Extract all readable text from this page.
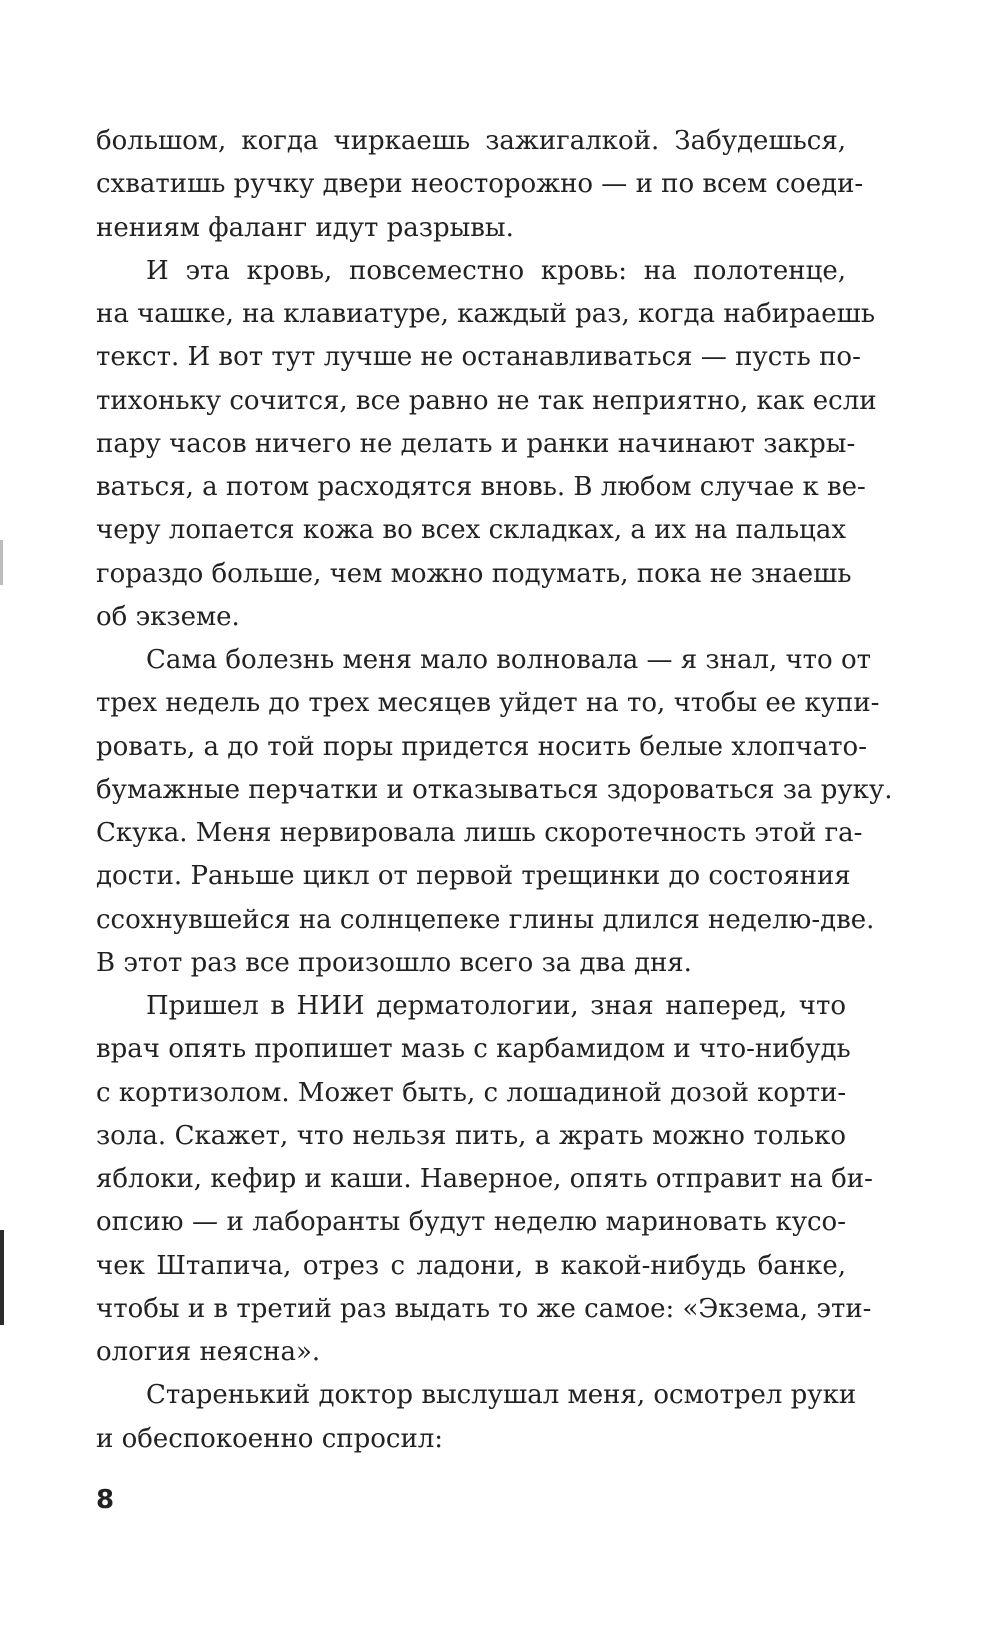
большом, когда чиркаешь зажигалкой. Забудешься,
схватишь ручку двери неосторожно — и по всем соеди-
нениям фаланг идут разрывы.
И эта кровь, повсеместно кровь: на полотенце,
на чашке, на клавиатуре, каждый раз, когда набираешь
текст. И вот тут лучше не останавливаться — пусть по-
тихоньку сочится, все равно не так неприятно, как если
пару часов ничего не делать и ранки начинают закры-
ваться, а потом расходятся вновь. В любом случае к ве-
черу лопается кожа во всех складках, а их на пальцах
гораздо больше, чем можно подумать, пока не знаешь
об экземе.
Сама болезнь меня мало волновала — я знал, что от
трех недель до трех месяцев уйдет на то, чтобы ее купи-
ровать, а до той поры придется носить белые хлопчато-
бумажные перчатки и отказываться здороваться за руку.
Скука. Меня нервировала лишь скоротечность этой га-
дости. Раньше цикл от первой трещинки до состояния
ссохнувшейся на солнцепеке глины длился неделю-две.
В этот раз все произошло всего за два дня.
Пришел в НИИ дерматологии, зная наперед, что
врач опять пропишет мазь с карбамидом и что-нибудь
с кортизолом. Может быть, с лошадиной дозой корти-
зола. Скажет, что нельзя пить, а жрать можно только
яблоки, кефир и каши. Наверное, опять отправит на би-
опсию — и лаборанты будут неделю мариновать кусо-
чек Штапича, отрез с ладони, в какой-нибудь банке,
чтобы и в третий раз выдать то же самое: «Экзема, эти-
ология неясна».
Старенький доктор выслушал меня, осмотрел руки
и обеспокоенно спросил:
8
